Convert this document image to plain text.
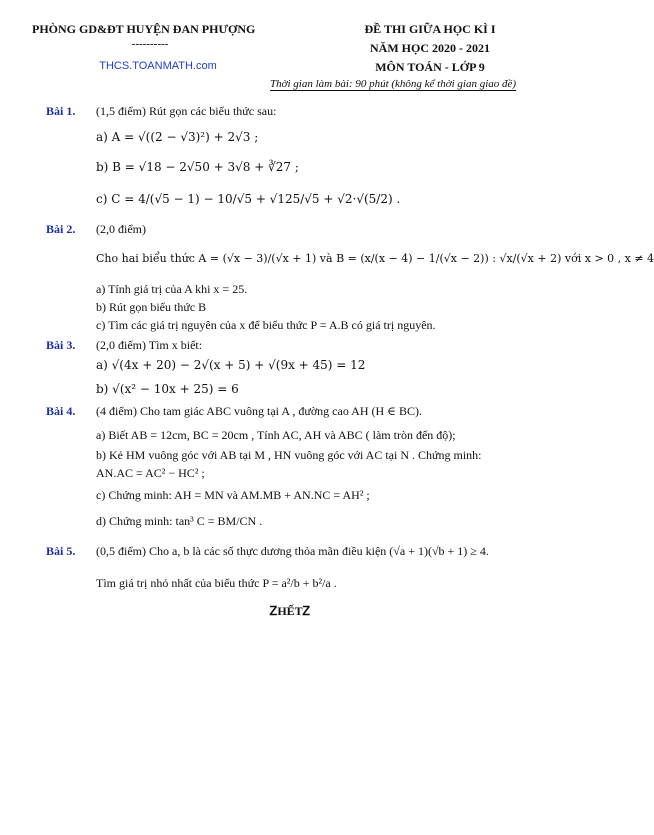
PHÒNG GD&ĐT HUYỆN ĐAN PHƯỢNG
----------
THCS.TOANMATH.com
ĐỀ THI GIỮA HỌC KÌ I
NĂM HỌC 2020 - 2021
MÔN TOÁN - LỚP 9
Thời gian làm bài: 90 phút (không kể thời gian giao đề)
Bài 1. (1,5 điểm) Rút gọn các biểu thức sau:
a) A = √((2 − √3)²) + 2√3 ;
b) B = √18 − 2√50 + 3√8 + ∛27 ;
c) C = 4/(√5 − 1) − 10/√5 + √125/√5 + √2·√(5/2) .
Bài 2. (2,0 điểm)
Cho hai biểu thức A = (√x − 3)/(√x + 1) và B = (x/(x − 4) − 1/(√x − 2)) : √x/(√x + 2) với x > 0 , x ≠ 4
a) Tính giá trị của A khi x = 25.
b) Rút gọn biểu thức B
c) Tìm các giá trị nguyên của x để biểu thức P = A.B có giá trị nguyên.
Bài 3. (2,0 điểm) Tìm x biết:
a) √(4x + 20) − 2√(x + 5) + √(9x + 45) = 12
b) √(x² − 10x + 25) = 6
Bài 4. (4 điểm) Cho tam giác ABC vuông tại A , đường cao AH (H ∈ BC).
a) Biết AB = 12cm, BC = 20cm , Tính AC, AH và ABC ( làm tròn đến độ);
b) Kẻ HM vuông góc với AB tại M , HN vuông góc với AC tại N . Chứng minh:
AN.AC = AC² − HC² ;
c) Chứng minh: AH = MN và AM.MB + AN.NC = AH² ;
d) Chứng minh: tan³ C = BM/CN .
Bài 5. (0,5 điểm) Cho a, b là các số thực dương thỏa mãn điều kiện (√a + 1)(√b + 1) ≥ 4.
Tìm giá trị nhỏ nhất của biểu thức P = a²/b + b²/a .
ᏃHẾTᏃ
